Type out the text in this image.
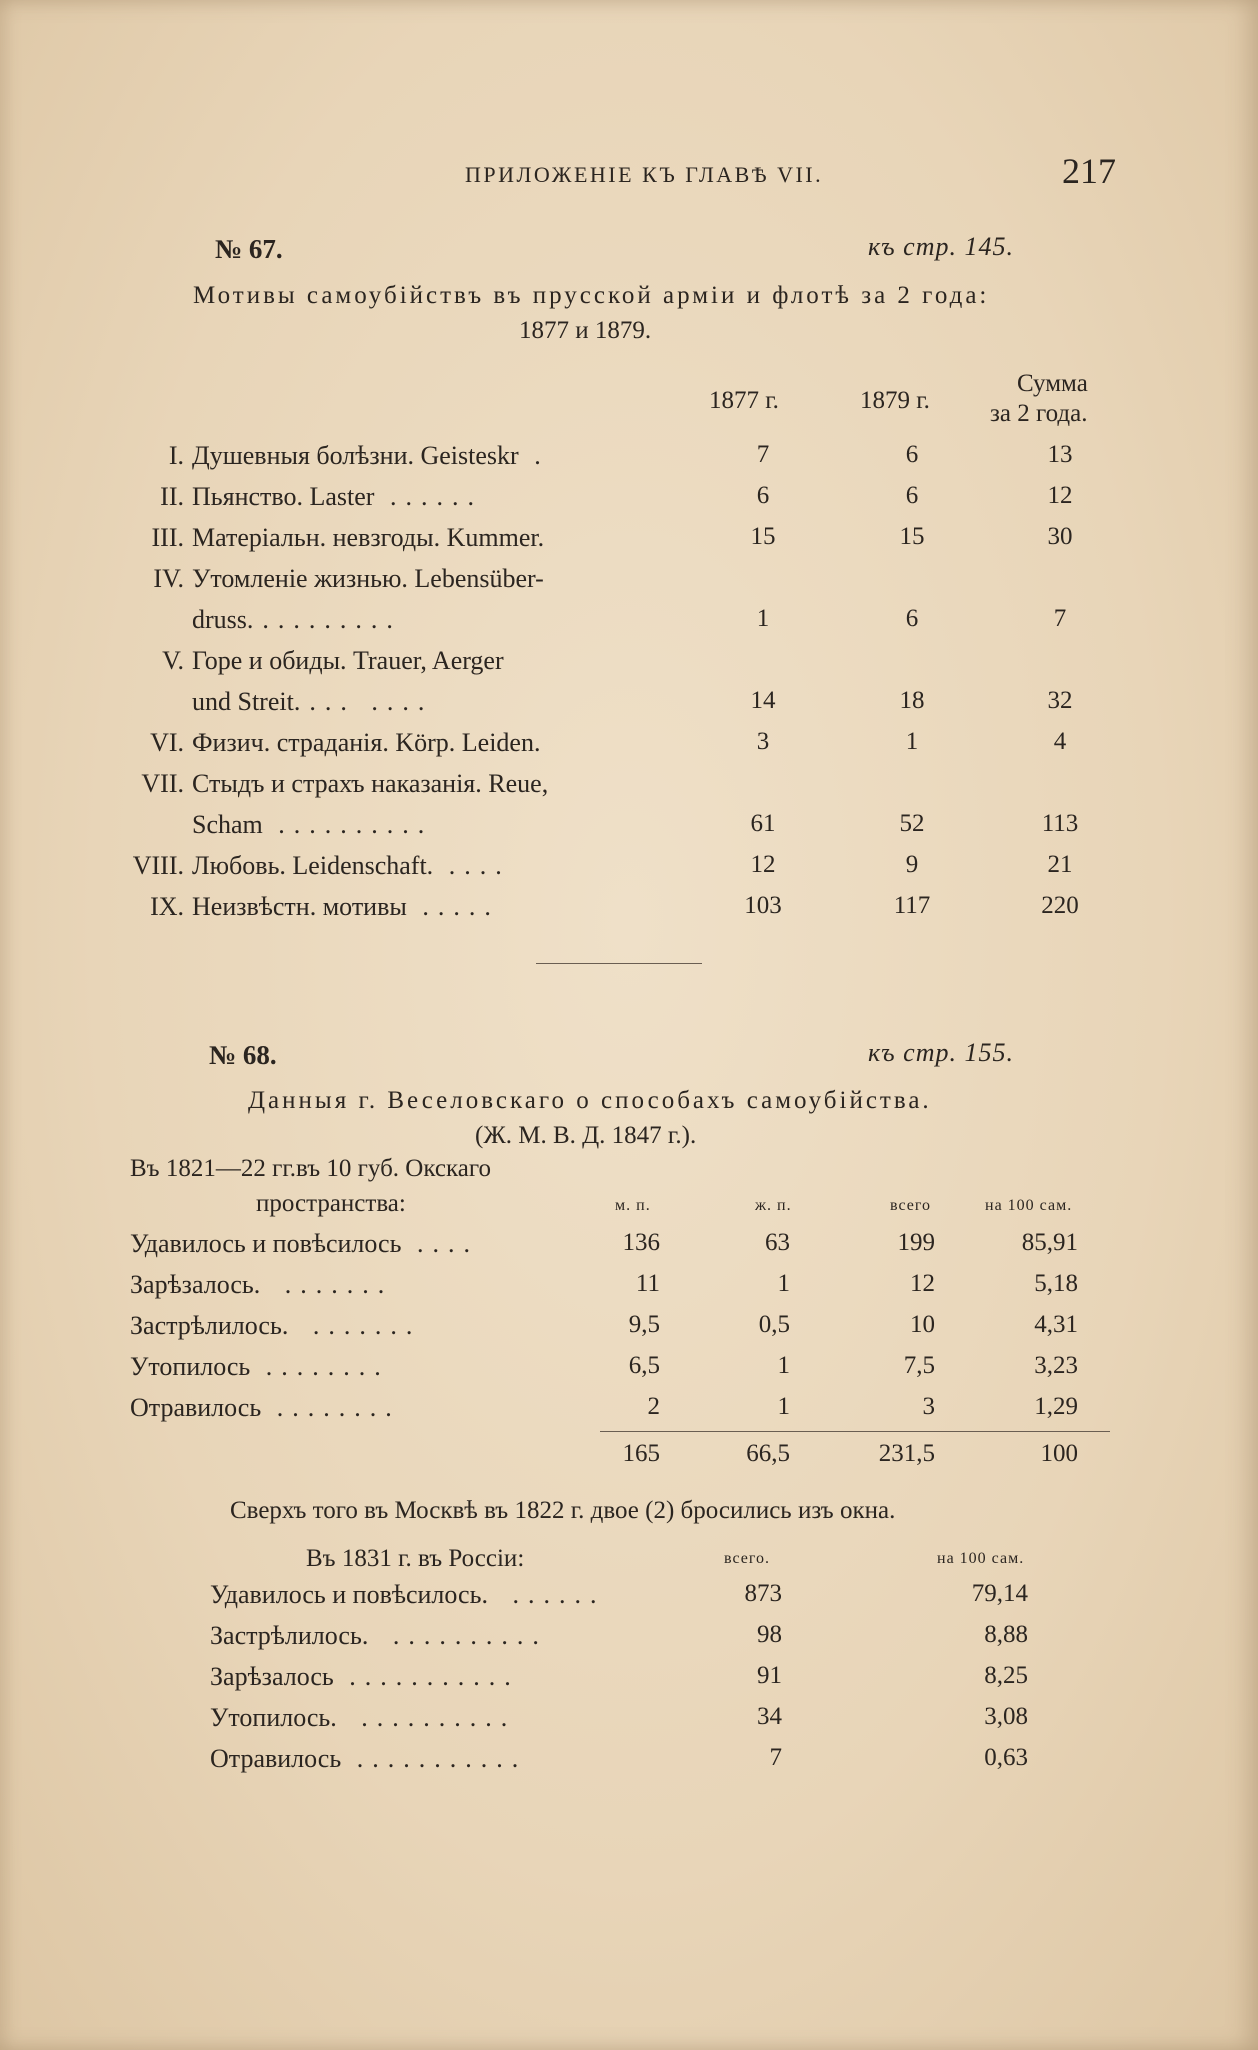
ПРИЛОЖЕНІЕ КЪ ГЛАВѢ VII.	217
№ 67.	къ стр. 145.
Мотивы самоубійствъ въ прусской арміи и флотѣ за 2 года:
1877 и 1879.
1877 г.	1879 г.
Сумма
за 2 года.
I. Душевныя болѣзни. Geisteskr .	7	6	13
II. Пьянство. Laster ......	6	6	12
III. Матеріальн. невзгоды. Kummer.	15	15	30
IV. Утомленіе жизнью. Lebensüber-
druss..........	1	6	7
V. Горе и обиды. Trauer, Aerger
und Streit.... ....	14	18	32
VI. Физич. страданія. Körp. Leiden.	3	1	4
VII. Стыдъ и страхъ наказанія. Reue,
Scham ..........	61	52	113
VIII. Любовь. Leidenschaft. ....	12	9	21
IX. Неизвѣстн. мотивы .....	103	117	220
№ 68.	къ стр. 155.
Данныя г. Веселовскаго о способахъ самоубійства.
(Ж. М. В. Д. 1847 г.).
Въ 1821—22 гг.въ 10 губ. Окскаго
пространства:	м. п.	ж. п.	всего	на 100 сам.
Удавилось и повѣсилось ....	136	63	199	85,91
Зарѣзалось. .......	11	1	12	5,18
Застрѣлилось. .......	9,5	0,5	10	4,31
Утопилось ........	6,5	1	7,5	3,23
Отравилось ........	2	1	3	1,29
165	66,5	231,5	100
Сверхъ того въ Москвѣ въ 1822 г. двое (2) бросились изъ окна.
Въ 1831 г. въ Россіи:	всего.	на 100 сам.
Удавилось и повѣсилось. ......	873	79,14
Застрѣлилось. ..........	98	8,88
Зарѣзалось ...........	91	8,25
Утопилось. ..........	34	3,08
Отравилось ...........	7	0,63
